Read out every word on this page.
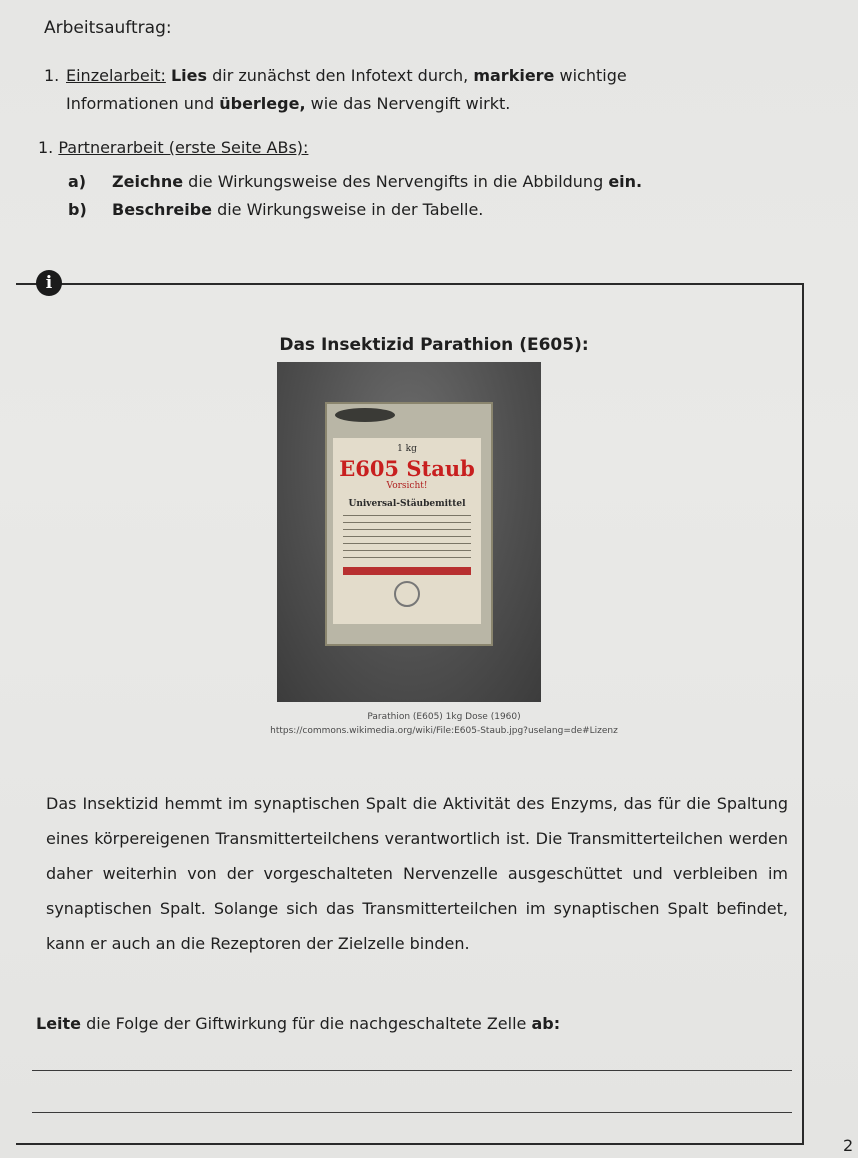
Arbeitsauftrag:
1. Einzelarbeit: Lies dir zunächst den Infotext durch, markiere wichtige Informationen und überlege, wie das Nervengift wirkt.
1. Partnerarbeit (erste Seite ABs):
a) Zeichne die Wirkungsweise des Nervengifts in die Abbildung ein.
b) Beschreibe die Wirkungsweise in der Tabelle.
i
Das Insektizid Parathion (E605):
1 kg
E605 Staub
Vorsicht!
Universal-Stäubemittel
Parathion (E605) 1kg Dose (1960)
https://commons.wikimedia.org/wiki/File:E605-Staub.jpg?uselang=de#Lizenz

Das Insektizid hemmt im synaptischen Spalt die Aktivität des Enzyms, das für die Spaltung eines körpereigenen Transmitterteilchens verantwortlich ist. Die Transmitterteilchen werden daher weiterhin von der vorgeschalteten Nervenzelle ausgeschüttet und verbleiben im synaptischen Spalt. Solange sich das Transmitterteilchen im synaptischen Spalt befindet, kann er auch an die Rezeptoren der Zielzelle binden.

Leite die Folge der Giftwirkung für die nachgeschaltete Zelle ab:
2
